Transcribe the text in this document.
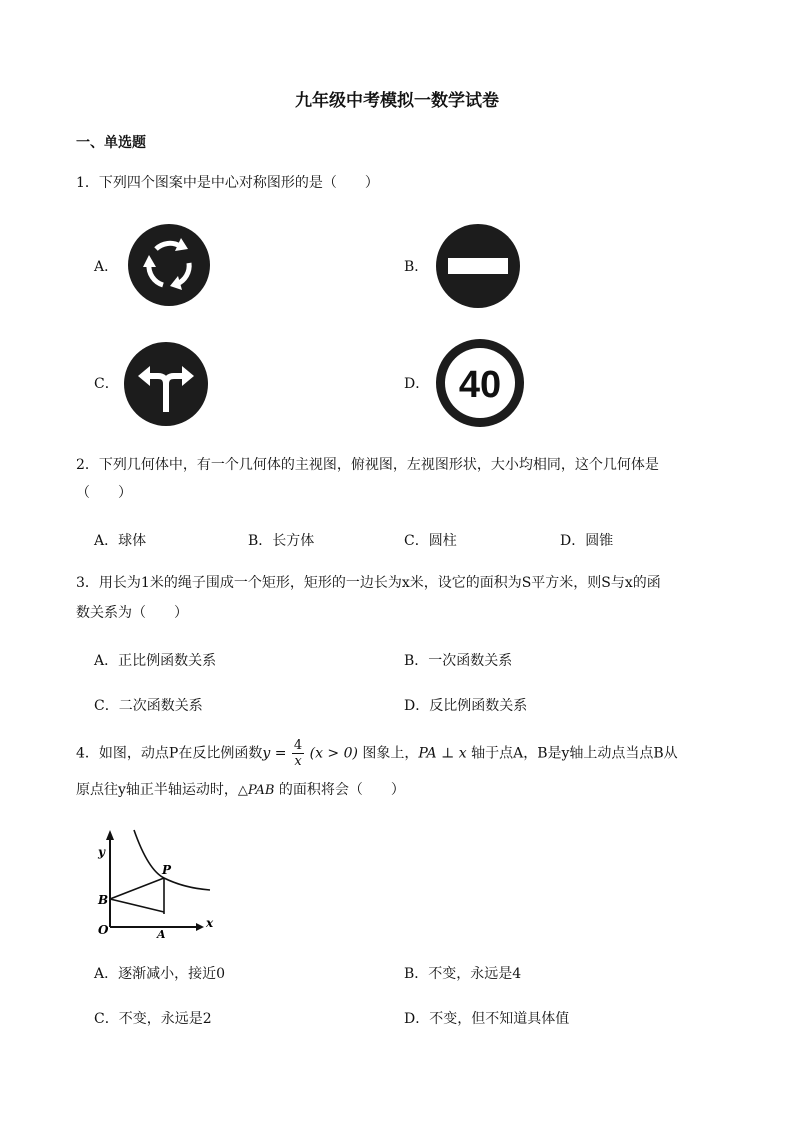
九年级中考模拟一数学试卷
一、单选题
1．下列四个图案中是中心对称图形的是（　　）
A．	B．
C．	D． 40
2．下列几何体中，有一个几何体的主视图，俯视图，左视图形状，大小均相同，这个几何体是
（　　）
A．球体	B．长方体	C．圆柱	D．圆锥
3．用长为1米的绳子围成一个矩形，矩形的一边长为x米，设它的面积为S平方米，则S与x的函
数关系为（　　）
A．正比例函数关系	B．一次函数关系
C．二次函数关系	D．反比例函数关系
4．如图，动点P在反比例函数$y = \frac{4}{x} (x > 0)$ 图象上，PA ⊥ x 轴于点A，B是y轴上动点当点B从
原点往y轴正半轴运动时，△PAB 的面积将会（　　）
y
x
O
B
P
A
A．逐渐减小，接近0	B．不变，永远是4
C．不变，永远是2	D．不变，但不知道具体值
